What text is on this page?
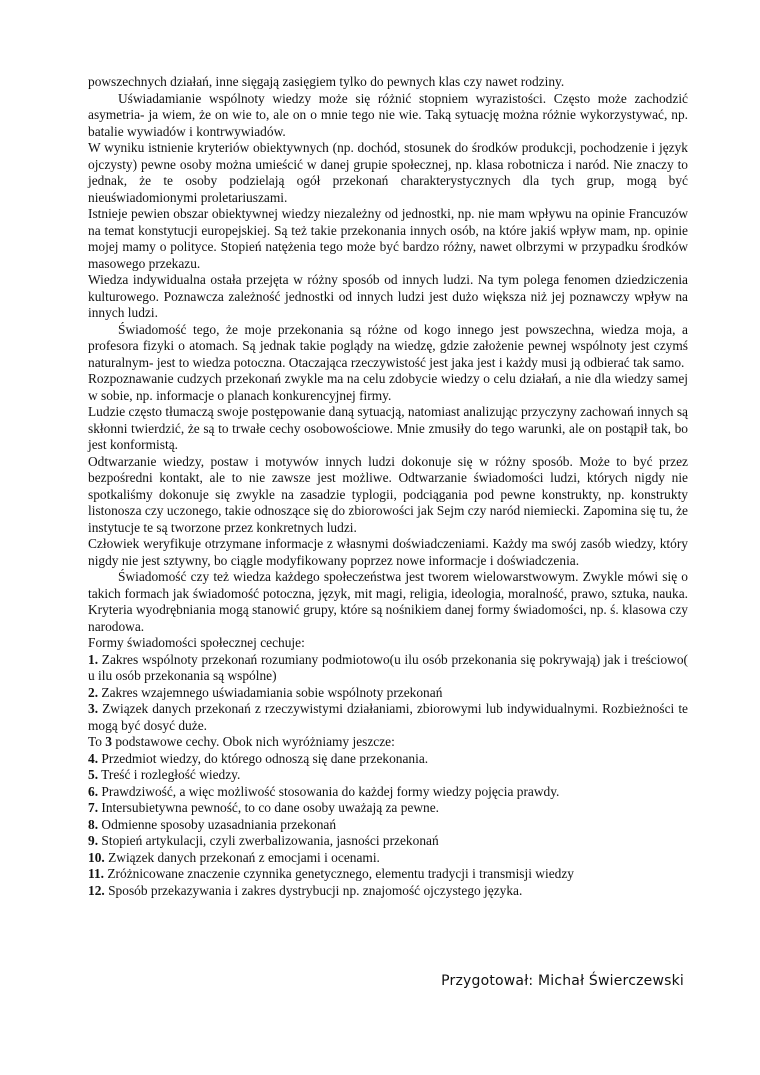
powszechnych działań, inne sięgają zasięgiem tylko do pewnych klas czy nawet rodziny.

Uświadamianie wspólnoty wiedzy może się różnić stopniem wyrazistości. Często może zachodzić asymetria- ja wiem, że on wie to, ale on o mnie tego nie wie. Taką sytuację można różnie wykorzystywać, np. batalie wywiadów i kontrwywiadów.

W wyniku istnienie kryteriów obiektywnych (np. dochód, stosunek do środków produkcji, pochodzenie i język ojczysty) pewne osoby można umieścić w danej grupie społecznej, np. klasa robotnicza i naród. Nie znaczy to jednak, że te osoby podzielają ogół przekonań charakterystycznych dla tych grup, mogą być nieuświadomionymi proletariuszami.

Istnieje pewien obszar obiektywnej wiedzy niezależny od jednostki, np. nie mam wpływu na opinie Francuzów na temat konstytucji europejskiej. Są też takie przekonania innych osób, na które jakiś wpływ mam, np. opinie mojej mamy o polityce. Stopień natężenia tego może być bardzo różny, nawet olbrzymi w przypadku środków masowego przekazu.

Wiedza indywidualna ostała przejęta w różny sposób od innych ludzi. Na tym polega fenomen dziedziczenia kulturowego. Poznawcza zależność jednostki od innych ludzi jest dużo większa niż jej poznawczy wpływ na innych ludzi.

Świadomość tego, że moje przekonania są różne od kogo innego jest powszechna, wiedza moja, a profesora fizyki o atomach. Są jednak takie poglądy na wiedzę, gdzie założenie pewnej wspólnoty jest czymś naturalnym- jest to wiedza potoczna. Otaczająca rzeczywistość jest jaka jest i każdy musi ją odbierać tak samo.

Rozpoznawanie cudzych przekonań zwykle ma na celu zdobycie wiedzy o celu działań, a nie dla wiedzy samej w sobie, np. informacje o planach konkurencyjnej firmy.

Ludzie często tłumaczą swoje postępowanie daną sytuacją, natomiast analizując przyczyny zachowań innych są skłonni twierdzić, że są to trwałe cechy osobowościowe. Mnie zmusiły do tego warunki, ale on postąpił tak, bo jest konformistą.

Odtwarzanie wiedzy, postaw i motywów innych ludzi dokonuje się w różny sposób. Może to być przez bezpośredni kontakt, ale to nie zawsze jest możliwe. Odtwarzanie świadomości ludzi, których nigdy nie spotkaliśmy dokonuje się zwykle na zasadzie typlogii, podciągania pod pewne konstrukty, np. konstrukty listonosza czy uczonego, takie odnoszące się do zbiorowości jak Sejm czy naród niemiecki. Zapomina się tu, że instytucje te są tworzone przez konkretnych ludzi.

Człowiek weryfikuje otrzymane informacje z własnymi doświadczeniami. Każdy ma swój zasób wiedzy, który nigdy nie jest sztywny, bo ciągle modyfikowany poprzez nowe informacje i doświadczenia.

Świadomość czy też wiedza każdego społeczeństwa jest tworem wielowarstwowym. Zwykle mówi się o takich formach jak świadomość potoczna, język, mit magi, religia, ideologia, moralność, prawo, sztuka, nauka. Kryteria wyodrębniania mogą stanowić grupy, które są nośnikiem danej formy świadomości, np. ś. klasowa czy narodowa.

Formy świadomości społecznej cechuje:

1. Zakres wspólnoty przekonań rozumiany podmiotowo(u ilu osób przekonania się pokrywają) jak i treściowo( u ilu osób przekonania są wspólne)
2. Zakres wzajemnego uświadamiania sobie wspólnoty przekonań
3. Związek danych przekonań z rzeczywistymi działaniami, zbiorowymi lub indywidualnymi. Rozbieżności te mogą być dosyć duże.

To 3 podstawowe cechy. Obok nich wyróżniamy jeszcze:

4. Przedmiot wiedzy, do którego odnoszą się dane przekonania.
5. Treść i rozległość wiedzy.
6. Prawdziwość, a więc możliwość stosowania do każdej formy wiedzy pojęcia prawdy.
7. Intersubietywna pewność, to co dane osoby uważają za pewne.
8. Odmienne sposoby uzasadniania przekonań
9. Stopień artykulacji, czyli zwerbalizowania, jasności przekonań
10. Związek danych przekonań z emocjami i ocenami.
11. Zróżnicowane znaczenie czynnika genetycznego, elementu tradycji i transmisji wiedzy
12. Sposób przekazywania i zakres dystrybucji np. znajomość ojczystego języka.
Przygotował: Michał Świerczewski
